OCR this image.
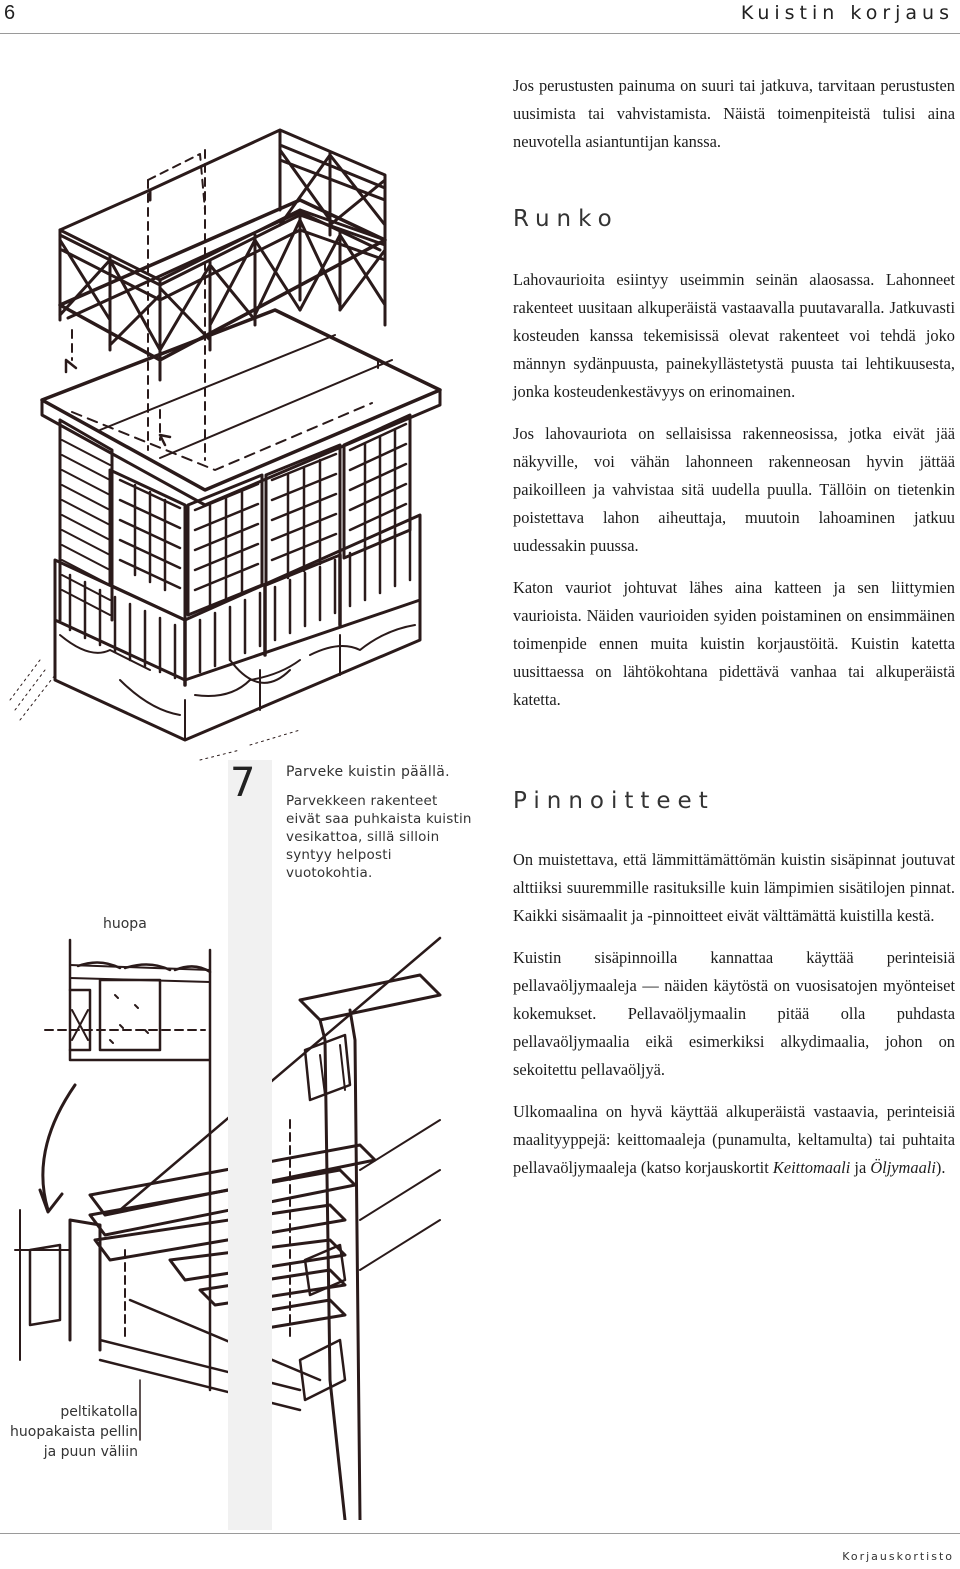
6	Kuistin korjaus
7 Parveke kuistin päällä.
Parvekkeen rakenteet eivät saa puhkaista kuistin vesikattoa, sillä silloin syntyy helposti vuotokohtia.
huopa
peltikatolla huopakaista pellin ja puun väliin

Jos perustusten painuma on suuri tai jatkuva, tarvitaan perustusten uusimista tai vahvistamista. Näistä toimenpiteistä tulisi aina neuvotella asiantuntijan kanssa.

Runko

Lahovaurioita esiintyy useimmin seinän alaosassa. Lahonneet rakenteet uusitaan alkuperäistä vastaavalla puutavaralla. Jatkuvasti kosteuden kanssa tekemisissä olevat rakenteet voi tehdä joko männyn sydänpuusta, painekyllästetystä puusta tai lehtikuusesta, jonka kosteudenkestävyys on erinomainen.

Jos lahovauriota on sellaisissa rakenneosissa, jotka eivät jää näkyville, voi vähän lahonneen rakenneosan hyvin jättää paikoilleen ja vahvistaa sitä uudella puulla. Tällöin on tietenkin poistettava lahon aiheuttaja, muutoin lahoaminen jatkuu uudessakin puussa.

Katon vauriot johtuvat lähes aina katteen ja sen liittymien vaurioista. Näiden vaurioiden syiden poistaminen on ensimmäinen toimenpide ennen muita kuistin korjaustöitä. Kuistin katetta uusittaessa on lähtökohtana pidettävä vanhaa tai alkuperäistä katetta.

Pinnoitteet

On muistettava, että lämmittämättömän kuistin sisäpinnat joutuvat alttiiksi suuremmille rasituksille kuin lämpimien sisätilojen pinnat. Kaikki sisämaalit ja -pinnoitteet eivät välttämättä kuistilla kestä.

Kuistin sisäpinnoilla kannattaa käyttää perinteisiä pellavaöljymaaleja — näiden käytöstä on vuosisatojen myönteiset kokemukset. Pellavaöljymaalin pitää olla puhdasta pellavaöljymaalia eikä esimerkiksi alkydimaalia, johon on sekoitettu pellavaöljyä.

Ulkomaalina on hyvä käyttää alkuperäistä vastaavia, perinteisiä maalityyppejä: keittomaaleja (punamulta, keltamulta) tai puhtaita pellavaöljymaaleja (katso korjauskortit Keittomaali ja Öljymaali).

Korjauskortisto
